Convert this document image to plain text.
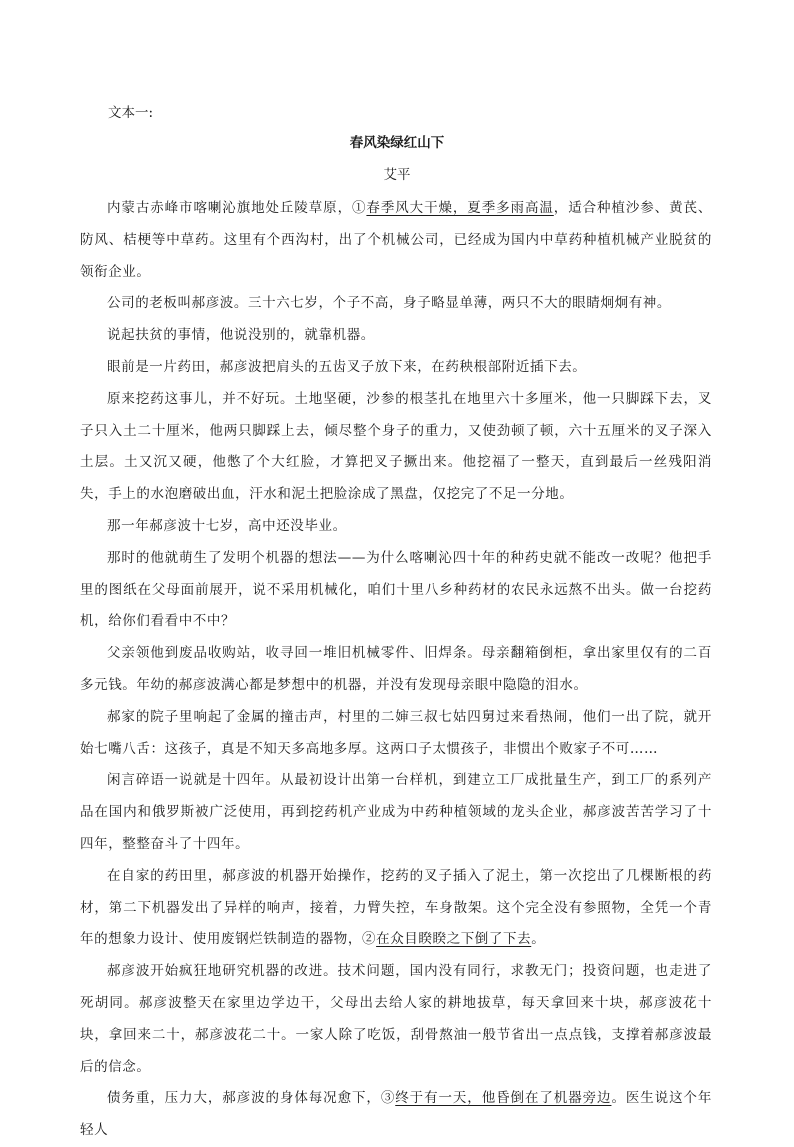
文本一:
春风染绿红山下
艾平

内蒙古赤峰市喀喇沁旗地处丘陵草原，①春季风大干燥，夏季多雨高温，适合种植沙参、黄芪、防风、桔梗等中草药。这里有个西沟村，出了个机械公司，已经成为国内中草药种植机械产业脱贫的领衔企业。

公司的老板叫郝彦波。三十六七岁，个子不高，身子略显单薄，两只不大的眼睛炯炯有神。

说起扶贫的事情，他说没别的，就靠机器。

眼前是一片药田，郝彦波把肩头的五齿叉子放下来，在药秧根部附近插下去。

原来挖药这事儿，并不好玩。土地坚硬，沙参的根茎扎在地里六十多厘米，他一只脚踩下去，叉子只入土二十厘米，他两只脚踩上去，倾尽整个身子的重力，又使劲顿了顿，六十五厘米的叉子深入土层。土又沉又硬，他憋了个大红脸，才算把叉子撅出来。他挖福了一整天，直到最后一丝残阳消失，手上的水泡磨破出血，汗水和泥土把脸涂成了黑盘，仅挖完了不足一分地。

那一年郝彦波十七岁，高中还没毕业。

那时的他就萌生了发明个机器的想法——为什么喀喇沁四十年的种药史就不能改一改呢？他把手里的图纸在父母面前展开，说不采用机械化，咱们十里八乡种药材的农民永远熬不出头。做一台挖药机，给你们看看中不中？

父亲领他到废品收购站，收寻回一堆旧机械零件、旧焊条。母亲翻箱倒柜，拿出家里仅有的二百多元钱。年幼的郝彦波满心都是梦想中的机器，并没有发现母亲眼中隐隐的泪水。

郝家的院子里响起了金属的撞击声，村里的二婶三叔七姑四舅过来看热闹，他们一出了院，就开始七嘴八舌：这孩子，真是不知天多高地多厚。这两口子太惯孩子，非惯出个败家子不可……

闲言碎语一说就是十四年。从最初设计出第一台样机，到建立工厂成批量生产，到工厂的系列产品在国内和俄罗斯被广泛使用，再到挖药机产业成为中药种植领域的龙头企业，郝彦波苦苦学习了十四年，整整奋斗了十四年。

在自家的药田里，郝彦波的机器开始操作，挖药的叉子插入了泥土，第一次挖出了几棵断根的药材，第二下机器发出了异样的响声，接着，力臂失控，车身散架。这个完全没有参照物，全凭一个青年的想象力设计、使用废钢烂铁制造的器物，②在众目睽睽之下倒了下去。

郝彦波开始疯狂地研究机器的改进。技术问题，国内没有同行，求教无门；投资问题，也走进了死胡同。郝彦波整天在家里边学边干，父母出去给人家的耕地拔草，每天拿回来十块，郝彦波花十块，拿回来二十，郝彦波花二十。一家人除了吃饭，刮骨熬油一般节省出一点点钱，支撑着郝彦波最后的信念。

债务重，压力大，郝彦波的身体每况愈下，③终于有一天，他昏倒在了机器旁边。医生说这个年轻人
